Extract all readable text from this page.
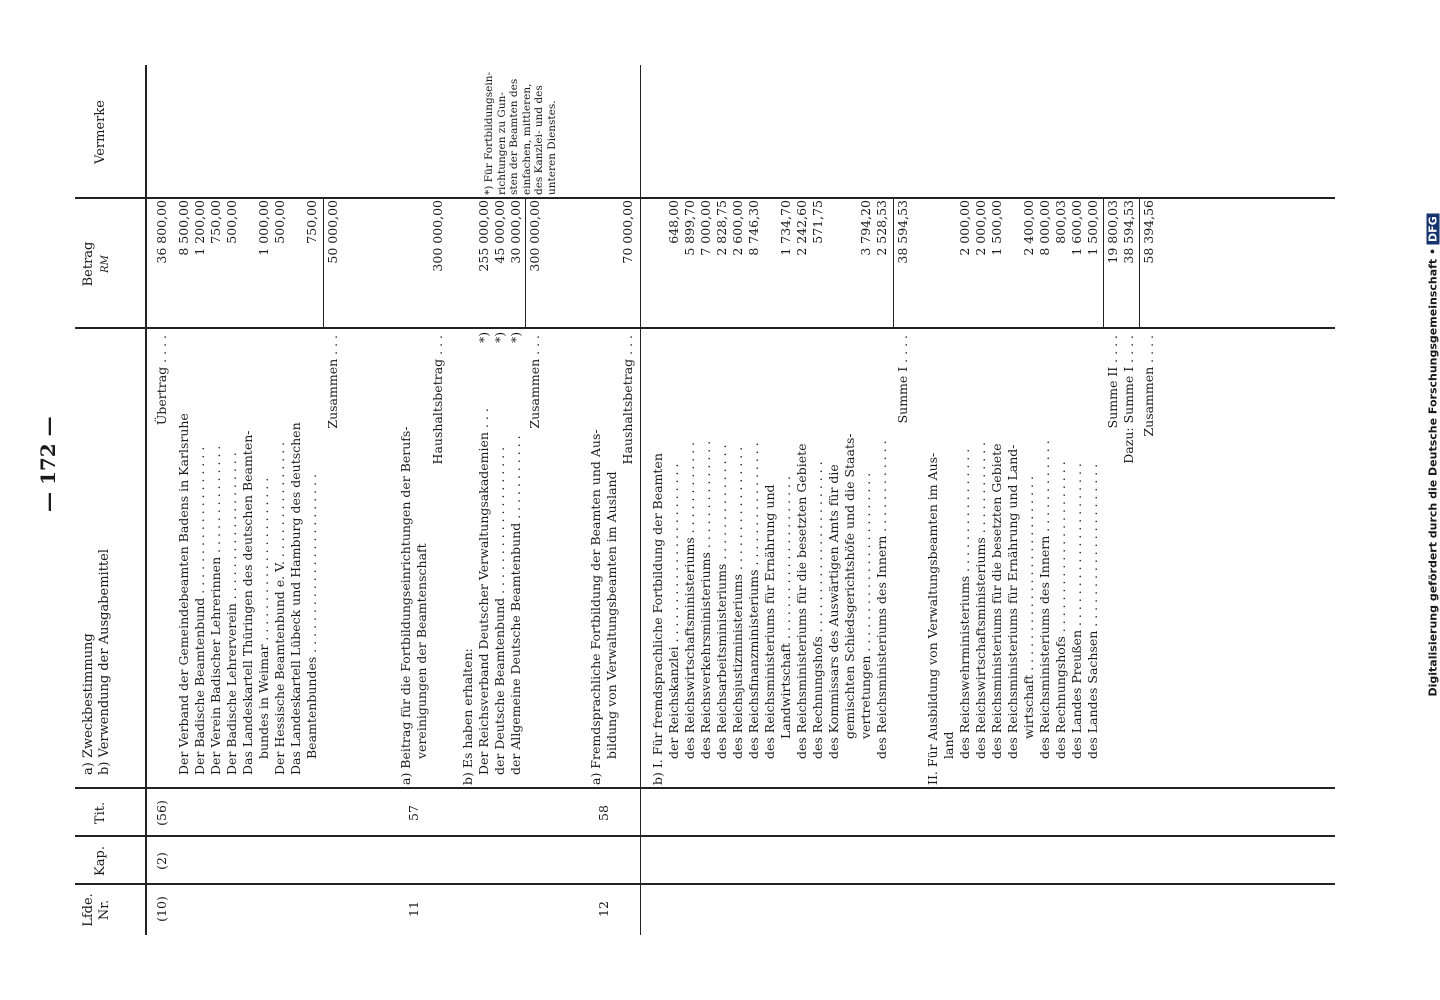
— 172 —	Digitalisierung gefördert durch die Deutsche Forschungsgemeinschaft •DFG
Lfde.
Nr.
Kap.
Tit.
a) Zweckbestimmung
b) Verwendung der Ausgabemittel
Betrag RM
Vermerke
(10)
(2)
(56)
Übertrag . . . .
36 800,00
Der Verband der Gemeindebeamten Badens in Karlsruhe Der Badische Beamtenbund . . . . . . . . . . . . . . . . . . . Der Verein Badischer Lehrerinnen . . . . . . . . . . . . . . Der Badische Lehrerverein . . . . . . . . . . . . . . . . . . . Das Landeskartell Thüringen des deutschen Beamten- bundes in Weimar . . . . . . . . . . . . . . . . . . . . . Der Hessische Beamtenbund e. V. . . . . . . . . . . . . . . . Das Landeskartell Lübeck und Hamburg des deutschen Beamtenbundes . . . . . . . . . . . . . . . . . . . . . . .
8 500,00 1 200,00 750,00 500,00 1 000,00 500,00 750,00
Zusammen . . .
50 000,00
11
57
a) Beitrag für die Fortbildungseinrichtungen der Berufs- vereinigungen der Beamtenschaft
Haushaltsbetrag . . .
300 000,00
b) Es haben erhalten: Der Reichsverband Deutscher Verwaltungsakademien . . . der Deutsche Beamtenbund . . . . . . . . . . . . . . . . . . . der Allgemeine Deutsche Beamtenbund . . . . . . . . . . .
*) *) *)
255 000,00 45 000,00 30 000,00
Zusammen . . .
300 000,00
*) Für Fortbildungsein- richtungen zu Gun- sten der Beamten des einfachen, mittleren, des Kanzlei- und des unteren Dienstes.
12
58
a) Fremdsprachliche Fortbildung der Beamten und Aus- bildung von Verwaltungsbeamten im Ausland
Haushaltsbetrag . . .
70 000,00
b) I. Für fremdsprachliche Fortbildung der Beamten der Reichskanzlei . . . . . . . . . . . . . . . . . . . . . . . des Reichswirtschaftsministeriums . . . . . . . . . . . . des Reichsverkehrsministeriums . . . . . . . . . . . . . . des Reichsarbeitsministeriums . . . . . . . . . . . . . . . des Reichsjustizministeriums . . . . . . . . . . . . . . . . des Reichsfinanzministeriums . . . . . . . . . . . . . . . . des Reichsministeriums für Ernährung und Landwirtschaft . . . . . . . . . . . . . . . . . . . . . des Reichsministeriums für die besetzten Gebiete des Rechnungshofs . . . . . . . . . . . . . . . . . . . . . . des Kommissars des Auswärtigen Amts für die gemischten Schiedsgerichtshöfe und die Staats- vertretungen . . . . . . . . . . . . . . . . . . . . . . . des Reichsministeriums des Innern . . . . . . . . . . . .
648,00 5 899,70 7 000,00 2 828,75 2 600,00 8 746,30 1 734,70 2 242,60 571,75	3 794,20 2 528,53
Summe I . . . .
38 594,53
II. Für Ausbildung von Verwaltungsbeamten im Aus- land des Reichswehrministeriums . . . . . . . . . . . . . . . . des Reichswirtschaftsministeriums . . . . . . . . . . . . des Reichsministeriums für die besetzten Gebiete des Reichsministeriums für Ernährung und Land- wirtschaft . . . . . . . . . . . . . . . . . . . . . . . . . des Reichsministeriums des Innern . . . . . . . . . . . . des Rechnungshofs . . . . . . . . . . . . . . . . . . . . . . des Landes Preußen . . . . . . . . . . . . . . . . . . . . . des Landes Sachsen . . . . . . . . . . . . . . . . . . . . .
2 000,00 2 000,00 1 500,00 2 400,00 8 000,00 800,03 1 600,00 1 500,00
Summe II . . . .
19 800,03
Dazu: Summe I . . . .
38 594,53
Zusammen . . . .
58 394,56
